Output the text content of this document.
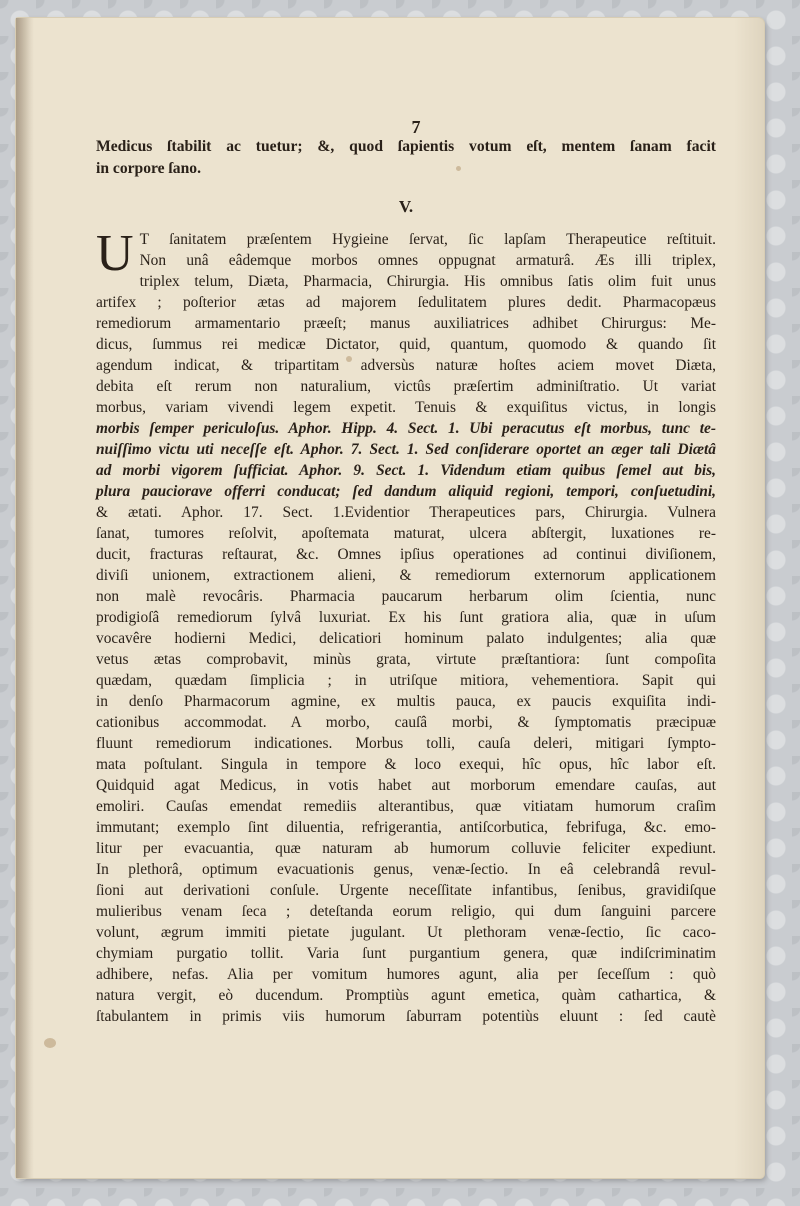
7
Medicus ſtabilit ac tuetur; &, quod ſapientis votum eſt, mentem ſanam facit
in corpore ſano.
V.
U T ſanitatem præſentem Hygieine ſervat, ſic lapſam Therapeutice reſtituit.
Non unâ eâdemque morbos omnes oppugnat armaturâ. Æs illi triplex,
triplex telum, Diæta, Pharmacia, Chirurgia. His omnibus ſatis olim fuit unus
artifex ; poſterior ætas ad majorem ſedulitatem plures dedit. Pharmacopæus
remediorum armamentario præeſt; manus auxiliatrices adhibet Chirurgus: Me-
dicus, ſummus rei medicæ Dictator, quid, quantum, quomodo & quando ſit
agendum indicat, & tripartitam adversùs naturæ hoſtes aciem movet Diæta,
debita eſt rerum non naturalium, victûs præſertim adminiſtratio. Ut variat
morbus, variam vivendi legem expetit. Tenuis & exquiſitus victus, in longis
morbis ſemper periculoſus. Aphor. Hipp. 4. Sect. 1. Ubi peracutus eſt morbus, tunc te-
nuiſſimo victu uti neceſſe eſt. Aphor. 7. Sect. 1. Sed conſiderare oportet an æger tali Diætâ
ad morbi vigorem ſufficiat. Aphor. 9. Sect. 1. Videndum etiam quibus ſemel aut bis,
plura pauciorave offerri conducat; ſed dandum aliquid regioni, tempori, conſuetudini,
& ætati. Aphor. 17. Sect. 1.Evidentior Therapeutices pars, Chirurgia. Vulnera
ſanat, tumores reſolvit, apoſtemata maturat, ulcera abſtergit, luxationes re-
ducit, fracturas reſtaurat, &c. Omnes ipſius operationes ad continui diviſionem,
diviſi unionem, extractionem alieni, & remediorum externorum applicationem
non malè revocâris. Pharmacia paucarum herbarum olim ſcientia, nunc
prodigioſâ remediorum ſylvâ luxuriat. Ex his ſunt gratiora alia, quæ in uſum
vocavêre hodierni Medici, delicatiori hominum palato indulgentes; alia quæ
vetus ætas comprobavit, minùs grata, virtute præſtantiora: ſunt compoſita
quædam, quædam ſimplicia ; in utriſque mitiora, vehementiora. Sapit qui
in denſo Pharmacorum agmine, ex multis pauca, ex paucis exquiſita indi-
cationibus accommodat. A morbo, cauſâ morbi, & ſymptomatis præcipuæ
fluunt remediorum indicationes. Morbus tolli, cauſa deleri, mitigari ſympto-
mata poſtulant. Singula in tempore & loco exequi, hîc opus, hîc labor eſt.
Quidquid agat Medicus, in votis habet aut morborum emendare cauſas, aut
emoliri. Cauſas emendat remediis alterantibus, quæ vitiatam humorum craſim
immutant; exemplo ſint diluentia, refrigerantia, antiſcorbutica, febrifuga, &c. emo-
litur per evacuantia, quæ naturam ab humorum colluvie feliciter expediunt.
In plethorâ, optimum evacuationis genus, venæ-ſectio. In eâ celebrandâ revul-
ſioni aut derivationi conſule. Urgente neceſſitate infantibus, ſenibus, gravidiſque
mulieribus venam ſeca ; deteſtanda eorum religio, qui dum ſanguini parcere
volunt, ægrum immiti pietate jugulant. Ut plethoram venæ-ſectio, ſic caco-
chymiam purgatio tollit. Varia ſunt purgantium genera, quæ indiſcriminatim
adhibere, nefas. Alia per vomitum humores agunt, alia per ſeceſſum : quò
natura vergit, eò ducendum. Promptiùs agunt emetica, quàm cathartica, &
ſtabulantem in primis viis humorum ſaburram potentiùs eluunt : ſed cautè
